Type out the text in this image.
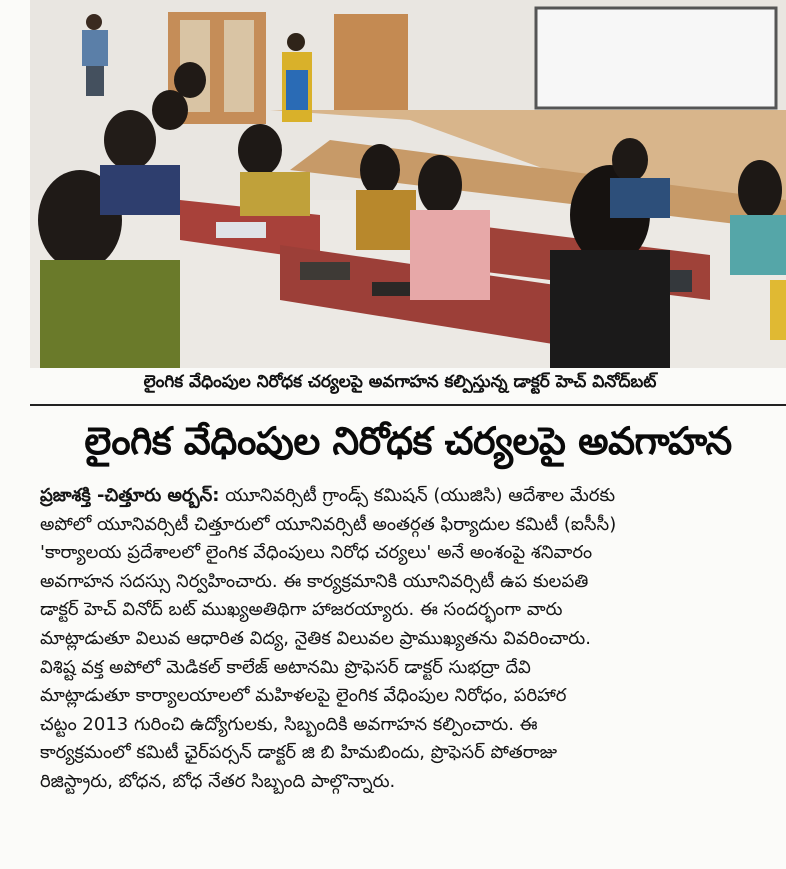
లైంగిక వేధింపుల నిరోధక చర్యలపై అవగాహన కల్పిస్తున్న డాక్టర్ హెచ్ వినోద్‌బట్
లైంగిక వేధింపుల నిరోధక చర్యలపై అవగాహన
ప్రజాశక్తి -చిత్తూరు అర్బన్: యూనివర్సిటీ గ్రాండ్స్ కమిషన్ (యుజిసి) ఆదేశాల మేరకు
అపోలో యూనివర్సిటీ చిత్తూరులో యూనివర్సిటీ అంతర్గత ఫిర్యాదుల కమిటీ (ఐసీసీ)
'కార్యాలయ ప్రదేశాలలో లైంగిక వేధింపులు నిరోధ చర్యలు' అనే అంశంపై శనివారం
అవగాహన సదస్సు నిర్వహించారు. ఈ కార్యక్రమానికి యూనివర్సిటీ ఉప కులపతి
డాక్టర్ హెచ్ వినోద్ బట్ ముఖ్యఅతిథిగా హాజరయ్యారు. ఈ సందర్భంగా వారు
మాట్లాడుతూ విలువ ఆధారిత విద్య, నైతిక విలువల ప్రాముఖ్యతను వివరించారు.
విశిష్ట వక్త అపోలో మెడికల్ కాలేజ్ అటానమి ప్రొఫెసర్ డాక్టర్ సుభద్రా దేవి
మాట్లాడుతూ కార్యాలయాలలో మహిళలపై లైంగిక వేధింపుల నిరోధం, పరిహార
చట్టం 2013 గురించి ఉద్యోగులకు, సిబ్బందికి అవగాహన కల్పించారు. ఈ
కార్యక్రమంలో కమిటీ ఛైర్‌పర్సన్ డాక్టర్ జి బి హిమబిందు, ప్రొఫెసర్ పోతరాజు
రిజిస్ట్రారు, బోధన, బోధ నేతర సిబ్బంది పాల్గొన్నారు.
